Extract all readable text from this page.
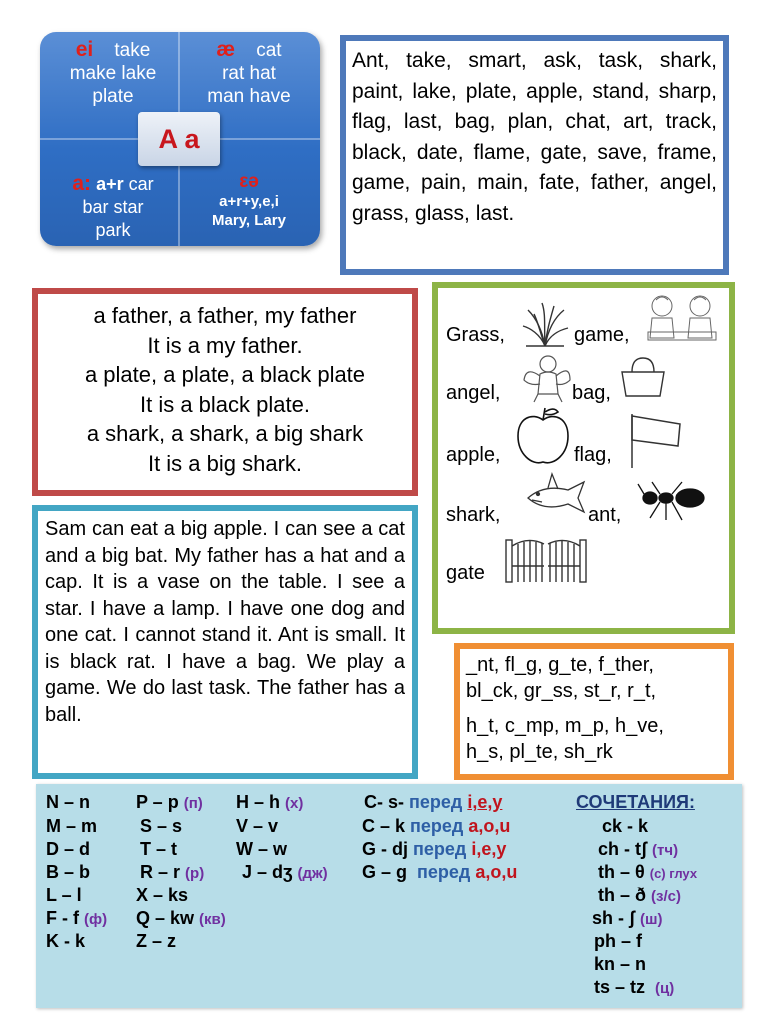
ei take
make lake
plate
æ cat
rat hat
man have
a: a+r car
bar star
park
εə
a+r+y,e,i
Mary, Lary
A a
Ant, take, smart, ask, task, shark, paint, lake, plate, apple, stand, sharp, flag, last, bag, plan, chat, art, track, black, date, flame, gate, save, frame, game, pain, main, fate, father, angel, grass, glass, last.
a father, a father, my father
It is a my father.
a plate, a plate, a black plate
It is a black plate.
a shark, a shark, a big shark
It is a big shark.
Sam can eat a big apple. I can see a cat and a big bat. My father has a hat and a cap. It is a vase on the table. I see a star. I have a lamp. I have one dog and one cat. I cannot stand it. Ant is small. It is black rat. I have a bag. We play a game. We do last task. The father has a ball.
Grass,	game,
angel,	bag,
apple,	flag,
shark,	ant,
gate
_nt, fl_g, g_te, f_ther,
bl_ck, gr_ss, st_r, r_t,
h_t, c_mp, m_p, h_ve,
h_s, pl_te, sh_rk
N – n
M – m
D – d
B – b
L – l
F - f (ф)
K - k
P – p (п)
S – s
T – t
R – r (р)
X – ks
Q – kw (кв)
Z – z
H – h (х)
V – v
W – w
J – dʒ (дж)
C- s- перед i,e,y
C – k перед a,o,u
G - dj перед i,e,y
G – g перед a,o,u
СОЧЕТАНИЯ:
ck - k
ch - tʃ (тч)
th – θ (с) глух
th – ð (з/с)
sh - ʃ (ш)
ph – f
kn – n
ts – tz (ц)
